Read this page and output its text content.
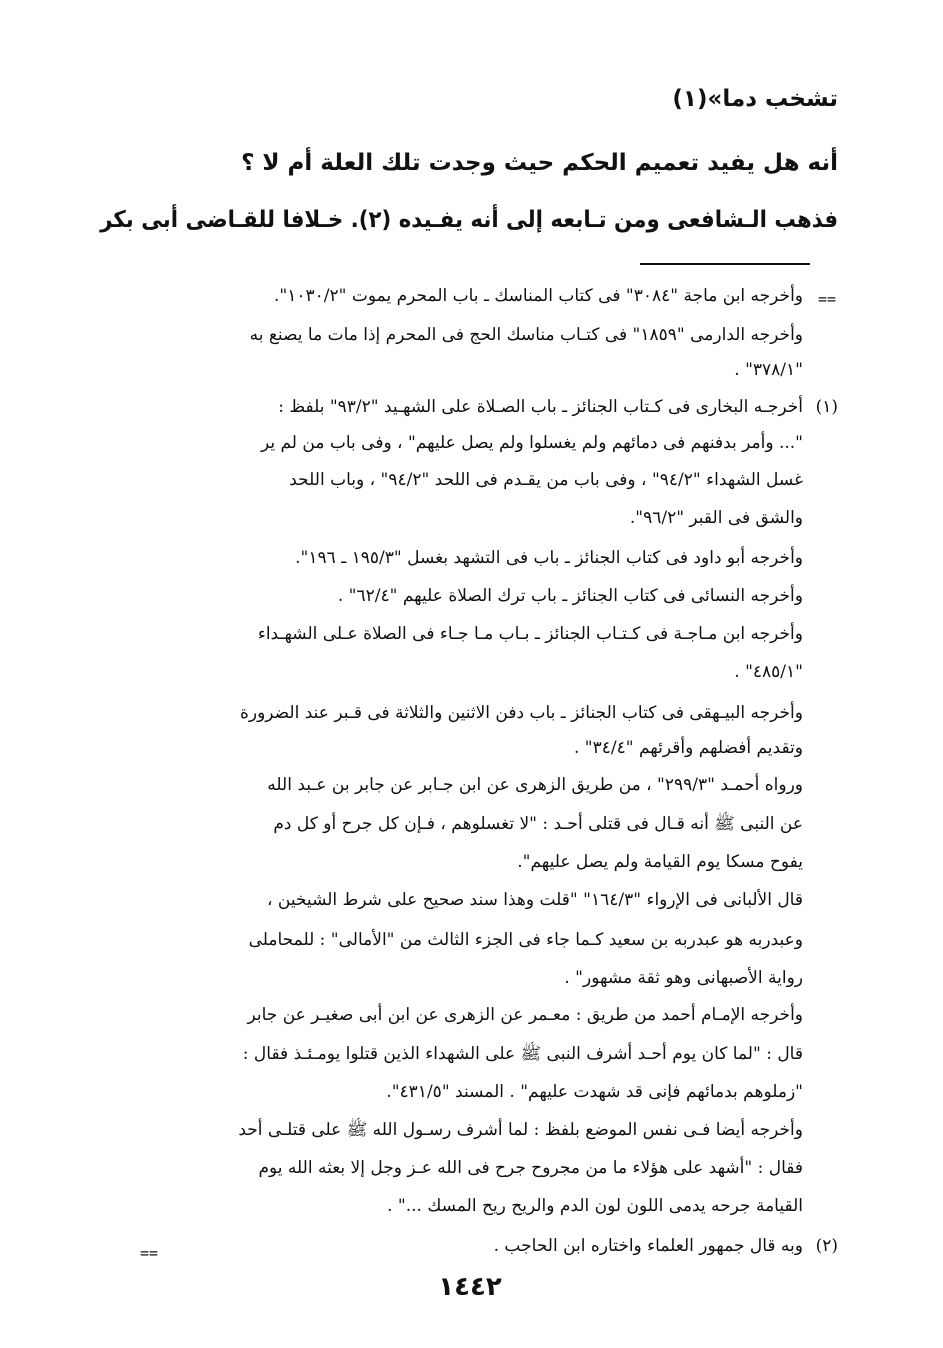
تشخب دما»(١)

أنه هل يفيد تعميم الحكم حيث وجدت تلك العلة أم لا ؟

فذهب الـشافعى ومن تـابعه إلى أنه يفـيده (٢). خـلافا للقـاضى أبى بكر

==

وأخرجه ابن ماجة "٣٠٨٤" فى كتاب المناسك ـ باب المحرم يموت "١٠٣٠/٢".

وأخرجه الدارمى "١٨٥٩" فى كتـاب مناسك الحج فى المحرم إذا مات ما يصنع به

"٣٧٨/١" .

(١)

أخرجـه البخارى فى كـتاب الجنائز ـ باب الصـلاة على الشهـيد "٩٣/٢" بلفظ :

"... وأمر بدفنهم فى دمائهم ولم يغسلوا ولم يصل عليهم" ، وفى باب من لم ير

غسل الشهداء "٩٤/٢" ، وفى باب من يقـدم فى اللحد "٩٤/٢" ، وباب اللحد

والشق فى القبر "٩٦/٢".

وأخرجه أبو داود فى كتاب الجنائز ـ باب فى التشهد بغسل "١٩٥/٣ ـ ١٩٦".

وأخرجه النسائى فى كتاب الجنائز ـ باب ترك الصلاة عليهم "٦٢/٤" .

وأخرجه ابن مـاجـة فى كـتـاب الجنائز ـ بـاب مـا جـاء فى الصلاة عـلى الشهـداء

"٤٨٥/١" .

وأخرجه البيـهقى فى كتاب الجنائز ـ باب دفن الاثنين والثلاثة فى قـبر عند الضرورة

وتقديم أفضلهم وأقرئهم "٣٤/٤" .

ورواه أحمـد "٢٩٩/٣" ، من طريق الزهرى عن ابن جـابر عن جابر بن عـبد الله

عن النبى ﷺ أنه قـال فى قتلى أحـد : "لا تغسلوهم ، فـإن كل جرح أو كل دم

يفوح مسكا يوم القيامة ولم يصل عليهم".

قال الألبانى فى الإرواء "١٦٤/٣" "قلت وهذا سند صحيح على شرط الشيخين ،

وعبدربه هو عبدربه بن سعيد كـما جاء فى الجزء الثالث من "الأمالى" : للمحاملى

رواية الأصبهانى وهو ثقة مشهور" .

وأخرجه الإمـام أحمد من طريق : معـمر عن الزهرى عن ابن أبى صغيـر عن جابر

قال : "لما كان يوم أحـد أشرف النبى ﷺ على الشهداء الذين قتلوا يومـئـذ فقال :

"زملوهم بدمائهم فإنى قد شهدت عليهم" . المسند "٤٣١/٥".

وأخرجه أيضا فـى نفس الموضع بلفظ : لما أشرف رسـول الله ﷺ على قتلـى أحد

فقال : "أشهد على هؤلاء ما من مجروح جرح فى الله عـز وجل إلا بعثه الله يوم

القيامة جرحه يدمى اللون لون الدم والريح ريح المسك ..." .

(٢)

وبه قال جمهور العلماء واختاره ابن الحاجب .

==
١٤٤٢
